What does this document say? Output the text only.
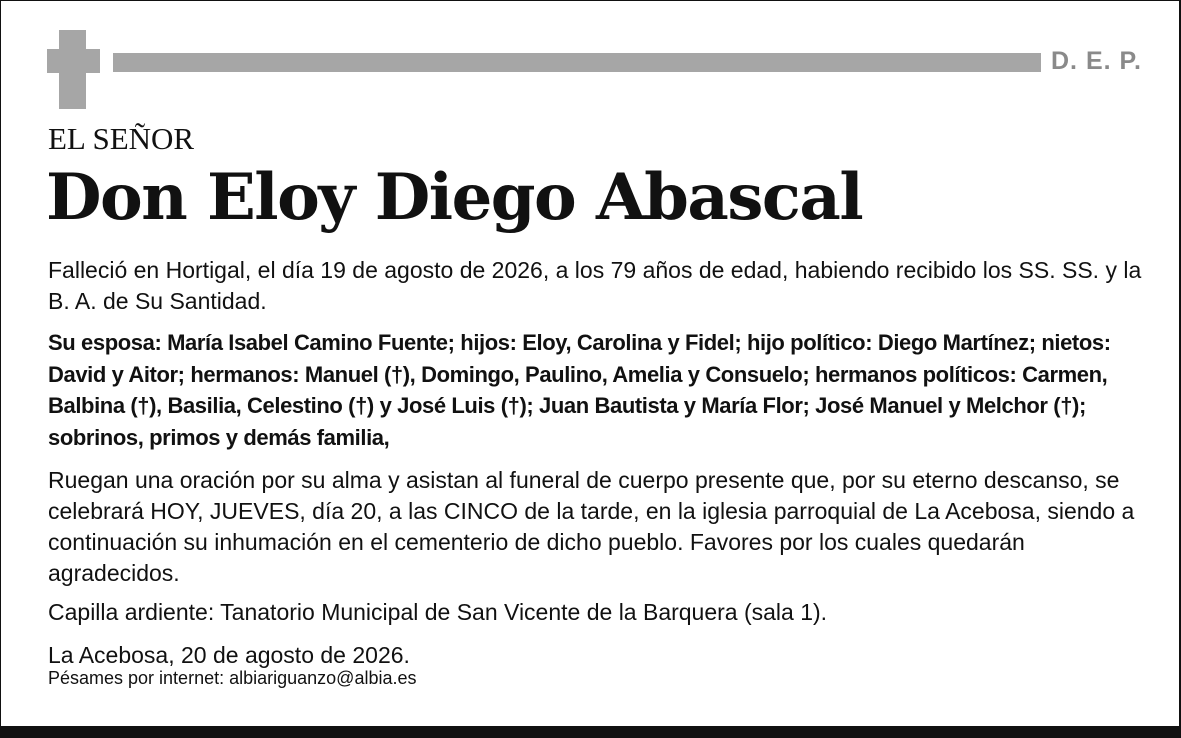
D. E. P.
EL SEÑOR
Don Eloy Diego Abascal

Falleció en Hortigal, el día 19 de agosto de 2026, a los 79 años de edad, habiendo recibido los SS. SS. y la B. A. de Su Santidad.

Su esposa: María Isabel Camino Fuente; hijos: Eloy, Carolina y Fidel; hijo político: Diego Martínez; nietos: David y Aitor; hermanos: Manuel (†), Domingo, Paulino, Amelia y Consuelo; hermanos políticos: Carmen, Balbina (†), Basilia, Celestino (†) y José Luis (†); Juan Bautista y María Flor; José Manuel y Melchor (†); sobrinos, primos y demás familia,

Ruegan una oración por su alma y asistan al funeral de cuerpo presente que, por su eterno descanso, se celebrará HOY, JUEVES, día 20, a las CINCO de la tarde, en la iglesia parroquial de La Acebosa, siendo a continuación su inhumación en el cementerio de dicho pueblo. Favores por los cuales quedarán agradecidos.

Capilla ardiente: Tanatorio Municipal de San Vicente de la Barquera (sala 1).

La Acebosa, 20 de agosto de 2026.

Pésames por internet: albiariguanzo@albia.es
